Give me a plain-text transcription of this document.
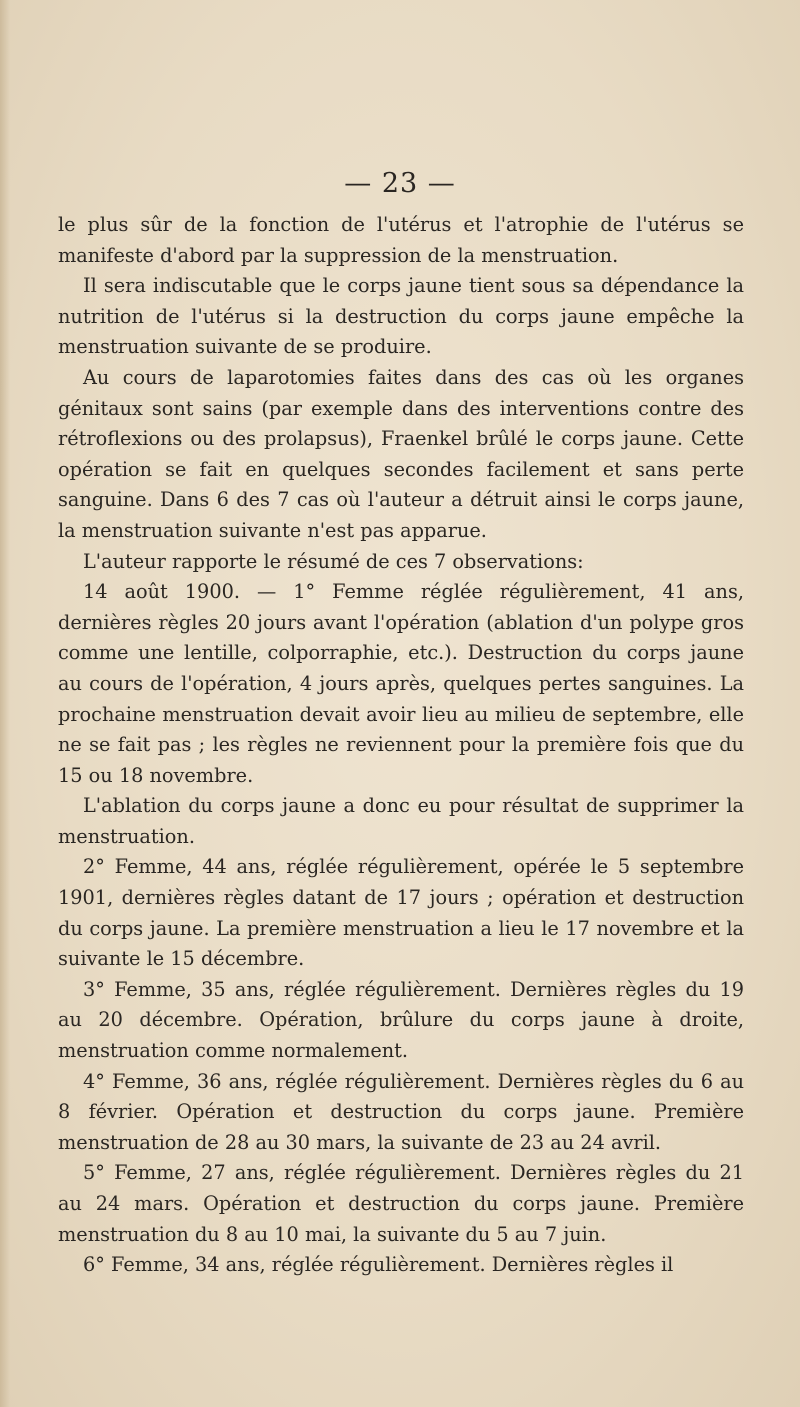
— 23 —

le plus sûr de la fonction de l'utérus et l'atrophie de l'utérus se manifeste d'abord par la suppression de la menstruation.

Il sera indiscutable que le corps jaune tient sous sa dépendance la nutrition de l'utérus si la destruction du corps jaune empêche la menstruation suivante de se produire.

Au cours de laparotomies faites dans des cas où les organes génitaux sont sains (par exemple dans des interventions contre des rétroflexions ou des prolapsus), Fraenkel brûlé le corps jaune. Cette opération se fait en quelques secondes facilement et sans perte sanguine. Dans 6 des 7 cas où l'auteur a détruit ainsi le corps jaune, la menstruation suivante n'est pas apparue.

L'auteur rapporte le résumé de ces 7 observations:

14 août 1900. — 1° Femme réglée régulièrement, 41 ans, dernières règles 20 jours avant l'opération (ablation d'un polype gros comme une lentille, colporraphie, etc.). Destruction du corps jaune au cours de l'opération, 4 jours après, quelques pertes sanguines. La prochaine menstruation devait avoir lieu au milieu de septembre, elle ne se fait pas ; les règles ne reviennent pour la première fois que du 15 ou 18 novembre.

L'ablation du corps jaune a donc eu pour résultat de supprimer la menstruation.

2° Femme, 44 ans, réglée régulièrement, opérée le 5 septembre 1901, dernières règles datant de 17 jours ; opération et destruction du corps jaune. La première menstruation a lieu le 17 novembre et la suivante le 15 décembre.

3° Femme, 35 ans, réglée régulièrement. Dernières règles du 19 au 20 décembre. Opération, brûlure du corps jaune à droite, menstruation comme normalement.

4° Femme, 36 ans, réglée régulièrement. Dernières règles du 6 au 8 février. Opération et destruction du corps jaune. Première menstruation de 28 au 30 mars, la suivante de 23 au 24 avril.

5° Femme, 27 ans, réglée régulièrement. Dernières règles du 21 au 24 mars. Opération et destruction du corps jaune. Première menstruation du 8 au 10 mai, la suivante du 5 au 7 juin.

6° Femme, 34 ans, réglée régulièrement. Dernières règles il
